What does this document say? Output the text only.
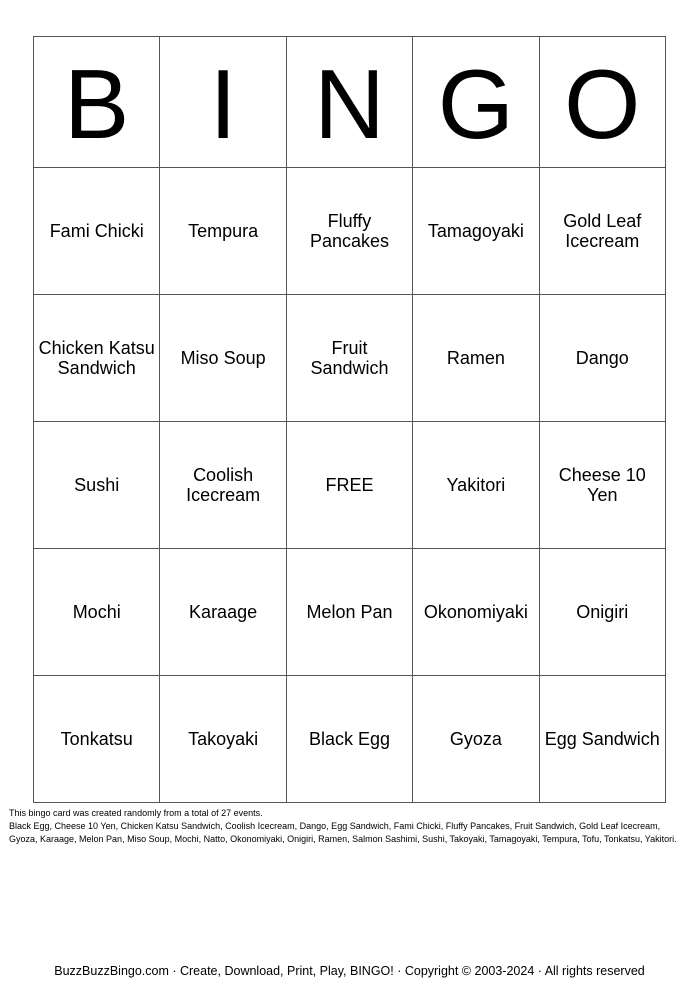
B	I	N	G	O
Fami Chicki	Tempura	Fluffy Pancakes	Tamagoyaki	Gold Leaf Icecream
Chicken Katsu Sandwich	Miso Soup	Fruit Sandwich	Ramen	Dango
Sushi	Coolish Icecream	FREE	Yakitori	Cheese 10 Yen
Mochi	Karaage	Melon Pan	Okonomiyaki	Onigiri
Tonkatsu	Takoyaki	Black Egg	Gyoza	Egg Sandwich

This bingo card was created randomly from a total of 27 events.

Black Egg, Cheese 10 Yen, Chicken Katsu Sandwich, Coolish Icecream, Dango, Egg Sandwich, Fami Chicki, Fluffy Pancakes, Fruit Sandwich, Gold Leaf Icecream, Gyoza, Karaage, Melon Pan, Miso Soup, Mochi, Natto, Okonomiyaki, Onigiri, Ramen, Salmon Sashimi, Sushi, Takoyaki, Tamagoyaki, Tempura, Tofu, Tonkatsu, Yakitori.

BuzzBuzzBingo.com · Create, Download, Print, Play, BINGO! · Copyright © 2003-2024 · All rights reserved
